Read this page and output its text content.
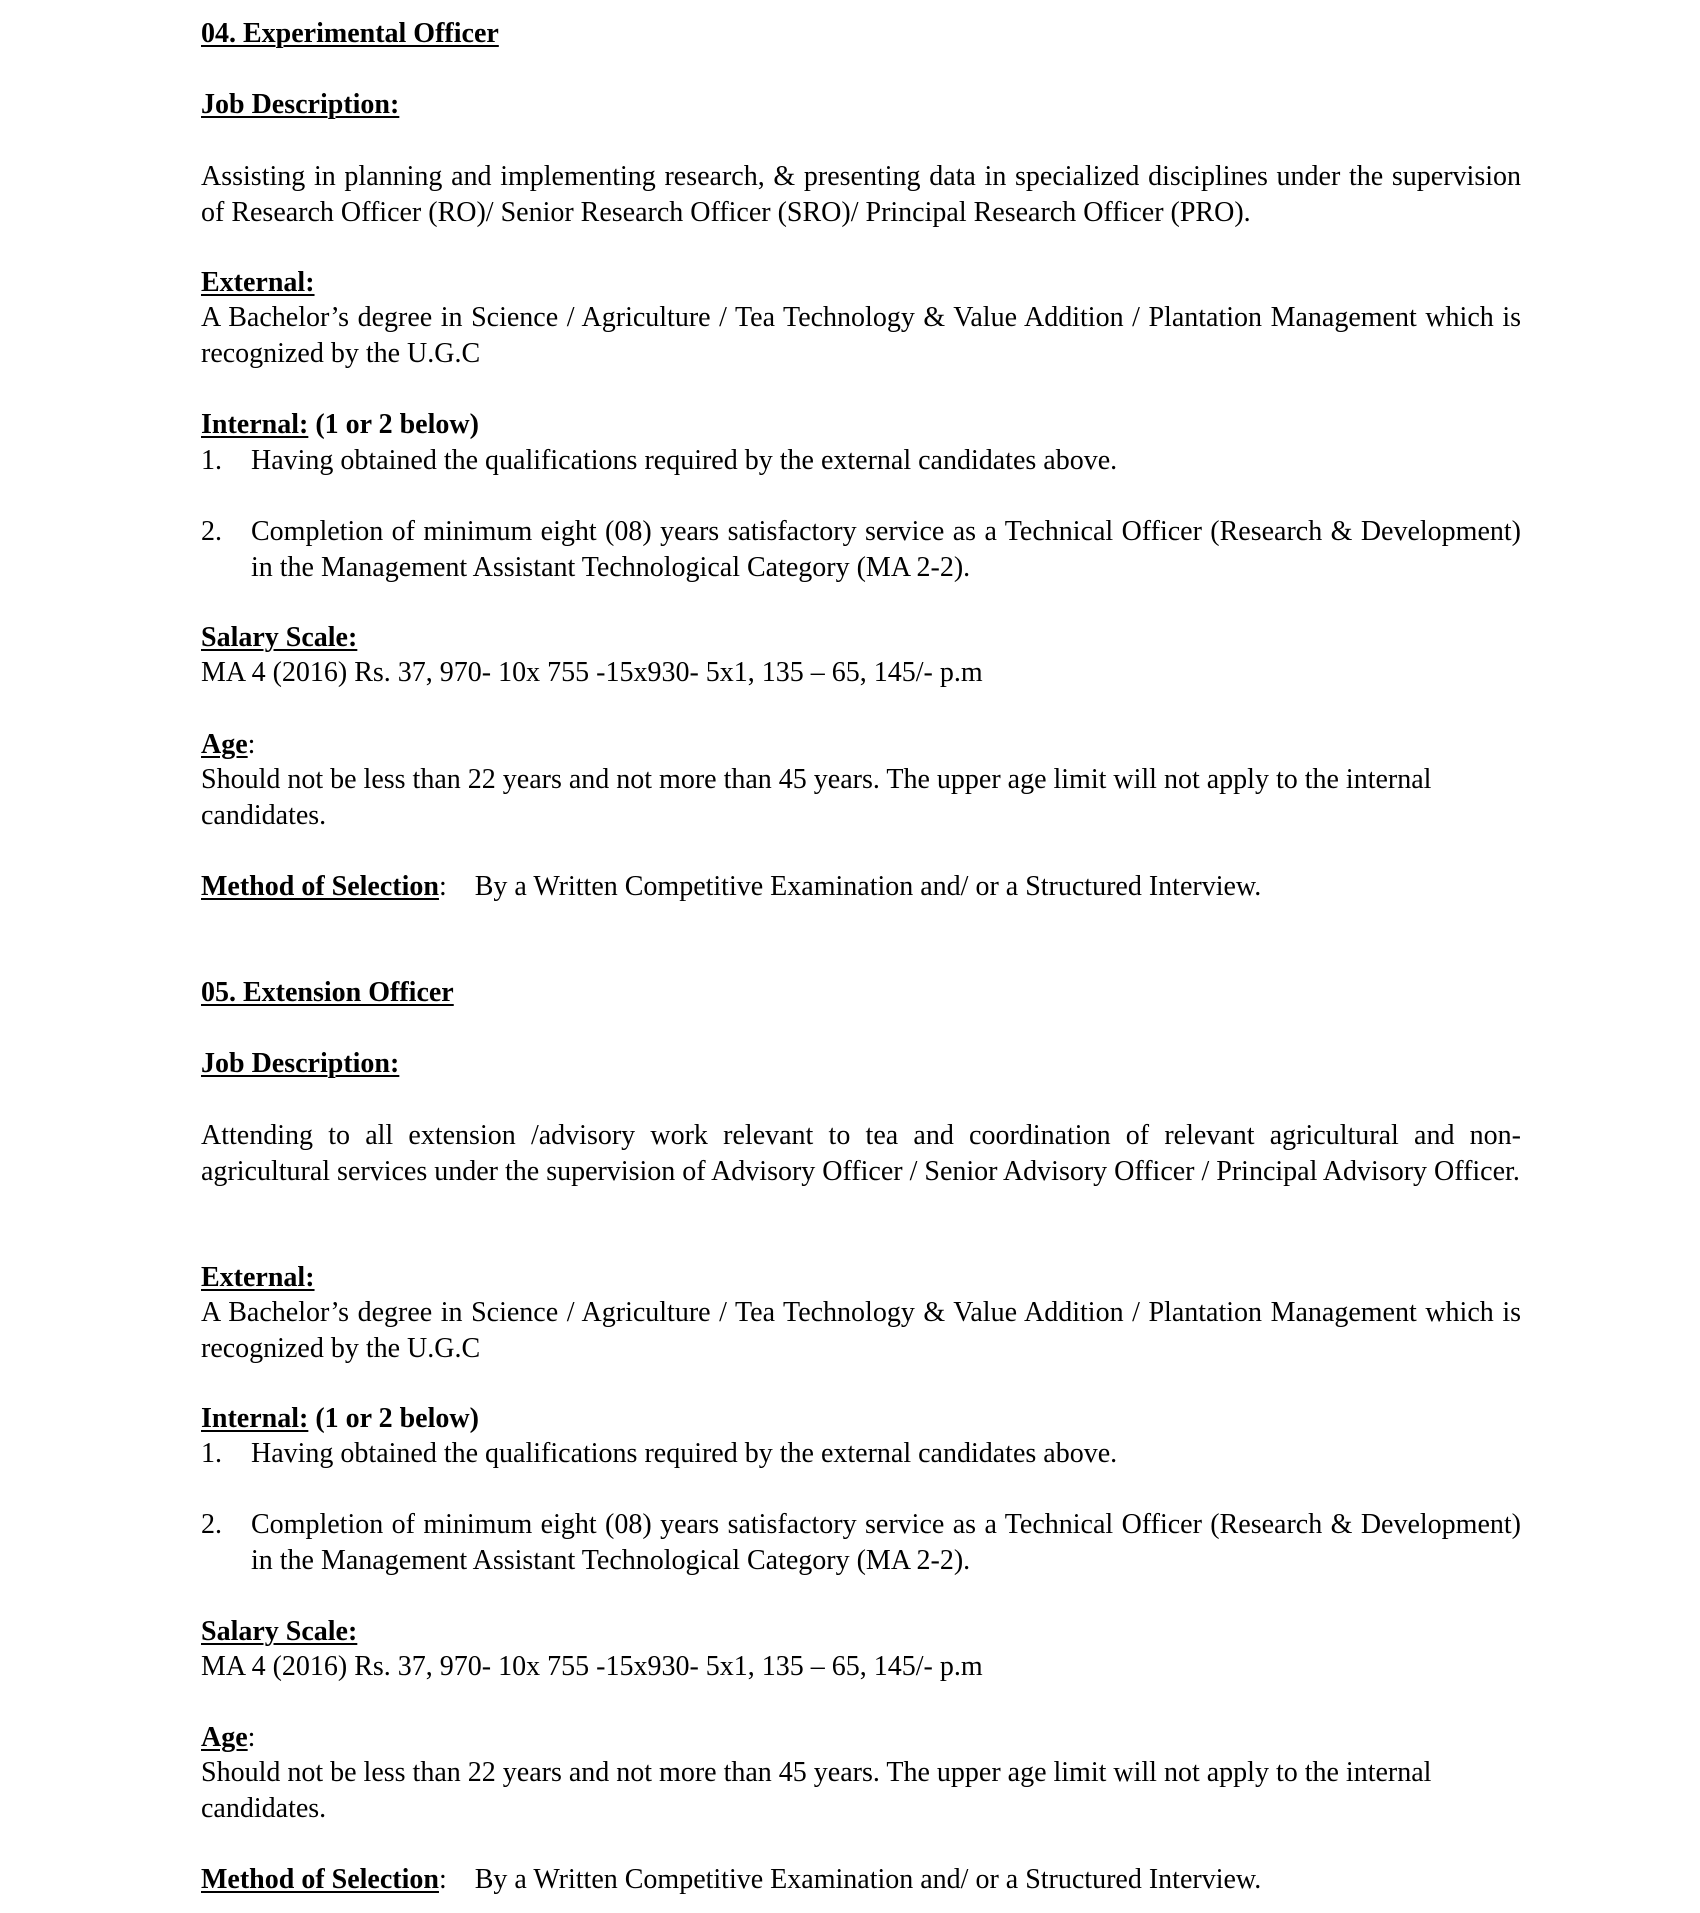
04. Experimental Officer
Job Description:
Assisting in planning and implementing research, & presenting data in specialized disciplines under the supervision of Research Officer (RO)/ Senior Research Officer (SRO)/ Principal Research Officer (PRO).
External:
A Bachelor’s degree in Science / Agriculture / Tea Technology & Value Addition / Plantation Management which is recognized by the U.G.C
Internal: (1 or 2 below)
1. Having obtained the qualifications required by the external candidates above.
2. Completion of minimum eight (08) years satisfactory service as a Technical Officer (Research & Development) in the Management Assistant Technological Category (MA 2-2).
Salary Scale:
MA 4 (2016) Rs. 37, 970- 10x 755 -15x930- 5x1, 135 – 65, 145/- p.m
Age:
Should not be less than 22 years and not more than 45 years. The upper age limit will not apply to the internal candidates.
Method of Selection: By a Written Competitive Examination and/ or a Structured Interview.
05. Extension Officer
Job Description:
Attending to all extension /advisory work relevant to tea and coordination of relevant agricultural and non-agricultural services under the supervision of Advisory Officer / Senior Advisory Officer / Principal Advisory Officer.
External:
A Bachelor’s degree in Science / Agriculture / Tea Technology & Value Addition / Plantation Management which is recognized by the U.G.C
Internal: (1 or 2 below)
1. Having obtained the qualifications required by the external candidates above.
2. Completion of minimum eight (08) years satisfactory service as a Technical Officer (Research & Development) in the Management Assistant Technological Category (MA 2-2).
Salary Scale:
MA 4 (2016) Rs. 37, 970- 10x 755 -15x930- 5x1, 135 – 65, 145/- p.m
Age:
Should not be less than 22 years and not more than 45 years. The upper age limit will not apply to the internal candidates.
Method of Selection: By a Written Competitive Examination and/ or a Structured Interview.
